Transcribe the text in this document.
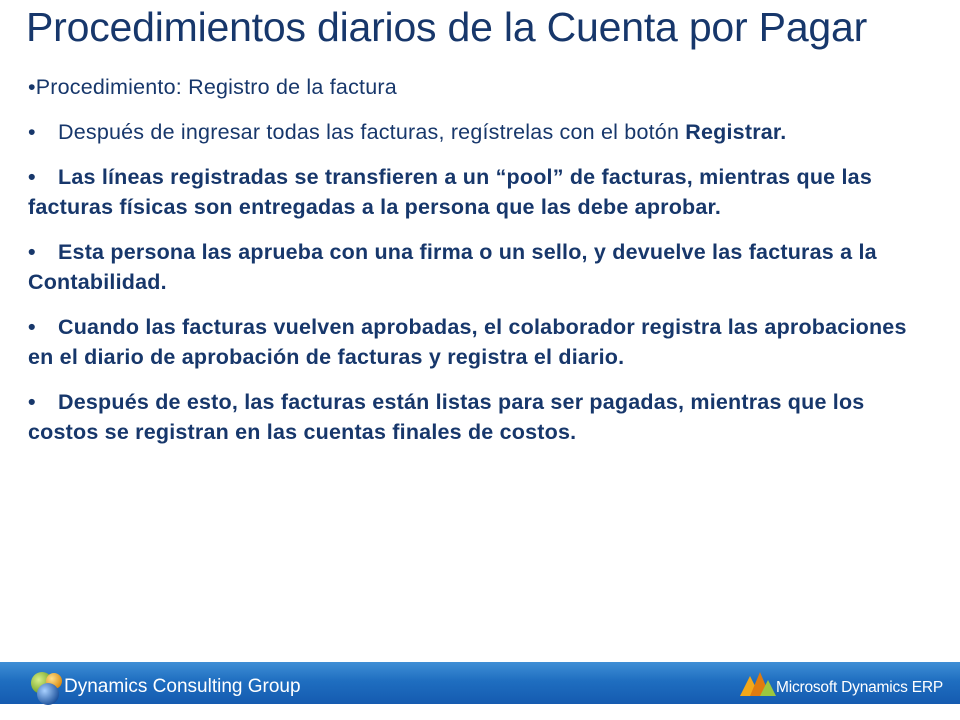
Procedimientos diarios de la Cuenta por Pagar

•Procedimiento: Registro de la factura

• Después de ingresar todas las facturas, regístrelas con el botón Registrar.

• Las líneas registradas se transfieren a un “pool” de facturas, mientras que las facturas físicas son entregadas a la persona que las debe aprobar.

• Esta persona las aprueba con una firma o un sello, y devuelve las facturas a la Contabilidad.

• Cuando las facturas vuelven aprobadas, el colaborador registra las aprobaciones en el diario de aprobación de facturas y registra el diario.

• Después de esto, las facturas están listas para ser pagadas, mientras que los costos se registran en las cuentas finales de costos.

Dynamics Consulting Group	Microsoft Dynamics ERP
